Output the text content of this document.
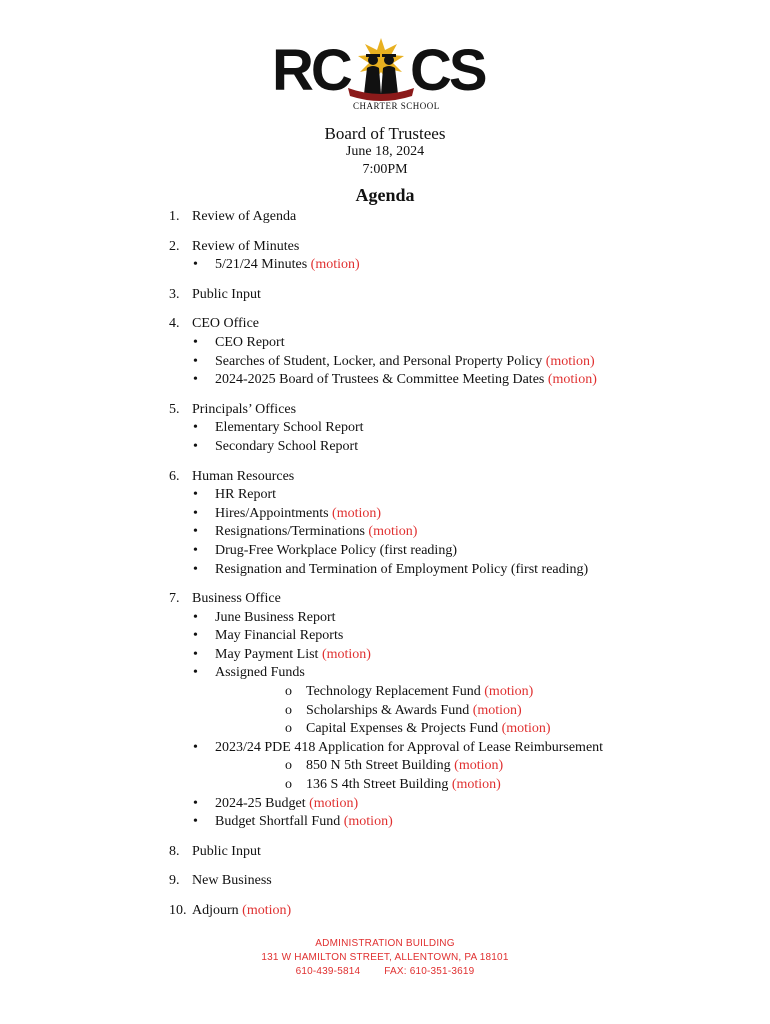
RC CS
CHARTER SCHOOL
Board of Trustees
June 18, 2024
7:00PM
Agenda
1. Review of Agenda
2. Review of Minutes
• 5/21/24 Minutes (motion)
3. Public Input
4. CEO Office
• CEO Report
• Searches of Student, Locker, and Personal Property Policy (motion)
• 2024-2025 Board of Trustees & Committee Meeting Dates (motion)
5. Principals’ Offices
• Elementary School Report
• Secondary School Report
6. Human Resources
• HR Report
• Hires/Appointments (motion)
• Resignations/Terminations (motion)
• Drug-Free Workplace Policy (first reading)
• Resignation and Termination of Employment Policy (first reading)
7. Business Office
• June Business Report
• May Financial Reports
• May Payment List (motion)
• Assigned Funds
o Technology Replacement Fund (motion)
o Scholarships & Awards Fund (motion)
o Capital Expenses & Projects Fund (motion)
• 2023/24 PDE 418 Application for Approval of Lease Reimbursement
o 850 N 5th Street Building (motion)
o 136 S 4th Street Building (motion)
• 2024-25 Budget (motion)
• Budget Shortfall Fund (motion)
8. Public Input
9. New Business
10. Adjourn (motion)
ADMINISTRATION BUILDING
131 W HAMILTON STREET, ALLENTOWN, PA 18101
610-439-5814 FAX: 610-351-3619
